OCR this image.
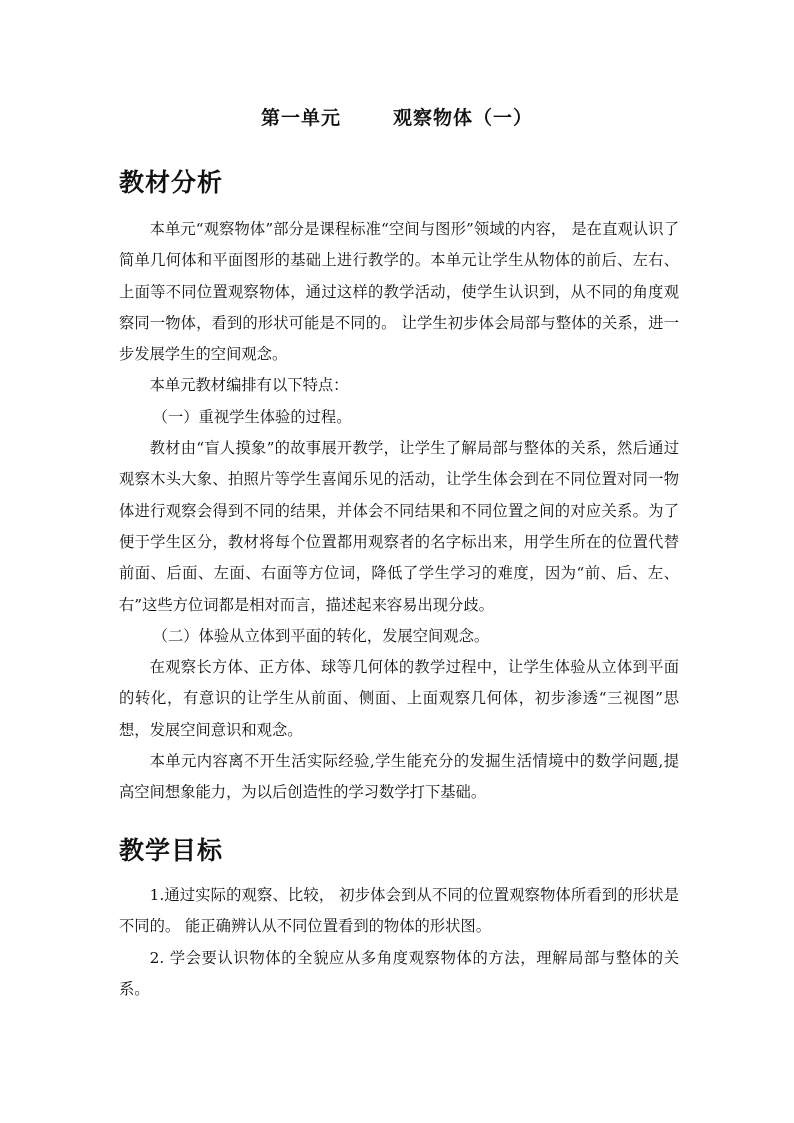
第一单元	观察物体（一）
教材分析

本单元“观察物体”部分是课程标准“空间与图形”领域的内容， 是在直观认识了简单几何体和平面图形的基础上进行教学的。本单元让学生从物体的前后、左右、上面等不同位置观察物体，通过这样的教学活动，使学生认识到，从不同的角度观察同一物体，看到的形状可能是不同的。 让学生初步体会局部与整体的关系，进一步发展学生的空间观念。

本单元教材编排有以下特点：

（一）重视学生体验的过程。

教材由“盲人摸象”的故事展开教学，让学生了解局部与整体的关系，然后通过观察木头大象、拍照片等学生喜闻乐见的活动，让学生体会到在不同位置对同一物体进行观察会得到不同的结果，并体会不同结果和不同位置之间的对应关系。为了便于学生区分，教材将每个位置都用观察者的名字标出来，用学生所在的位置代替前面、后面、左面、右面等方位词，降低了学生学习的难度，因为“前、后、左、右”这些方位词都是相对而言，描述起来容易出现分歧。

（二）体验从立体到平面的转化，发展空间观念。

在观察长方体、正方体、球等几何体的教学过程中，让学生体验从立体到平面的转化，有意识的让学生从前面、侧面、上面观察几何体，初步渗透“三视图”思想，发展空间意识和观念。

本单元内容离不开生活实际经验,学生能充分的发掘生活情境中的数学问题,提高空间想象能力，为以后创造性的学习数学打下基础。

教学目标

1.通过实际的观察、比较， 初步体会到从不同的位置观察物体所看到的形状是不同的。 能正确辨认从不同位置看到的物体的形状图。

2. 学会要认识物体的全貌应从多角度观察物体的方法，理解局部与整体的关系。
